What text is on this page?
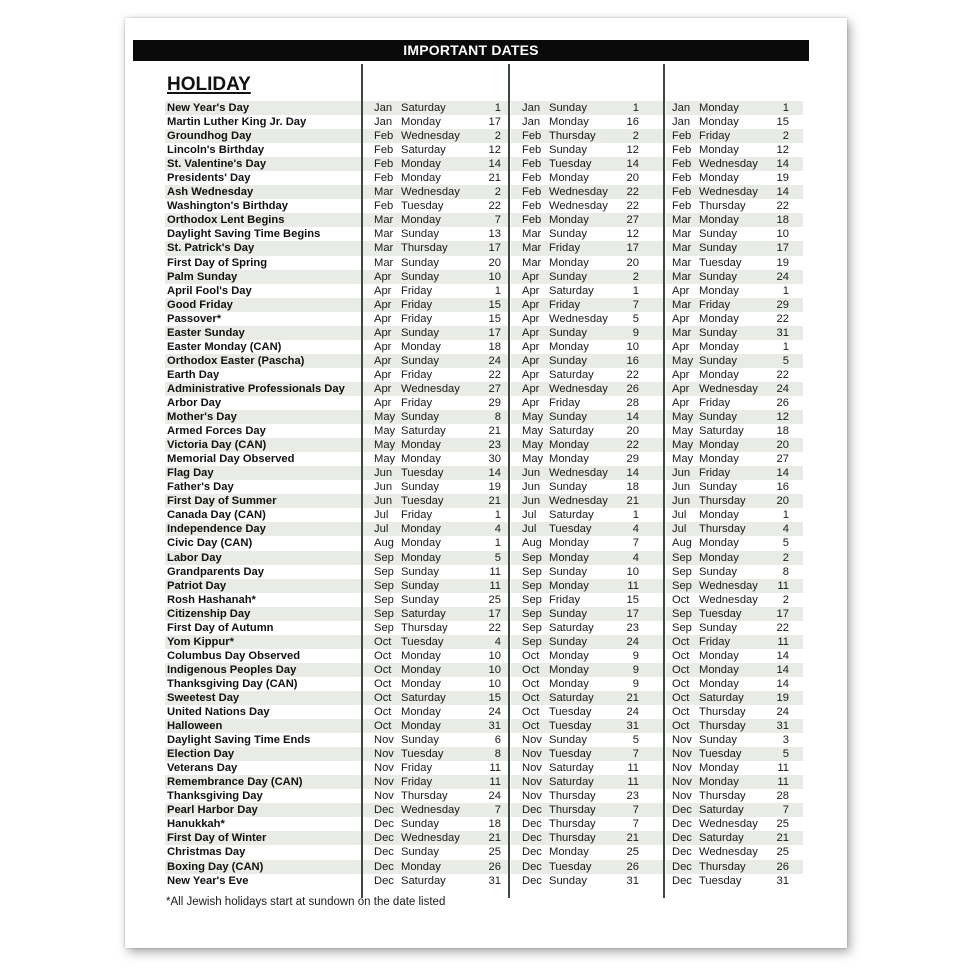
IMPORTANT DATES
HOLIDAY
New Year's Day	Jan Saturday	1 Jan Sunday	1	Jan Monday	1
Martin Luther King Jr. Day	Jan Monday	17 Jan Monday	16	Jan Monday	15
Groundhog Day	Feb Wednesday	2 Feb Thursday	2	Feb Friday	2
Lincoln's Birthday	Feb Saturday	12 Feb Sunday	12	Feb Monday	12
St. Valentine's Day	Feb Monday	14 Feb Tuesday	14	Feb Wednesday	14
Presidents' Day	Feb Monday	21 Feb Monday	20	Feb Monday	19
Ash Wednesday	Mar Wednesday	2 Feb Wednesday	22	Feb Wednesday	14
Washington's Birthday	Feb Tuesday	22 Feb Wednesday	22	Feb Thursday	22
Orthodox Lent Begins	Mar Monday	7 Feb Monday	27	Mar Monday	18
Daylight Saving Time Begins	Mar Sunday	13 Mar Sunday	12	Mar Sunday	10
St. Patrick's Day	Mar Thursday	17 Mar Friday	17	Mar Sunday	17
First Day of Spring	Mar Sunday	20 Mar Monday	20	Mar Tuesday	19
Palm Sunday	Apr Sunday	10 Apr Sunday	2	Mar Sunday	24
April Fool's Day	Apr Friday	1 Apr Saturday	1	Apr Monday	1
Good Friday	Apr Friday	15 Apr Friday	7	Mar Friday	29
Passover*	Apr Friday	15 Apr Wednesday	5	Apr Monday	22
Easter Sunday	Apr Sunday	17 Apr Sunday	9	Mar Sunday	31
Easter Monday (CAN)	Apr Monday	18 Apr Monday	10	Apr Monday	1
Orthodox Easter (Pascha)	Apr Sunday	24 Apr Sunday	16	May Sunday	5
Earth Day	Apr Friday	22 Apr Saturday	22	Apr Monday	22
Administrative Professionals Day	Apr Wednesday	27 Apr Wednesday	26	Apr Wednesday	24
Arbor Day	Apr Friday	29 Apr Friday	28	Apr Friday	26
Mother's Day	May Sunday	8 May Sunday	14	May Sunday	12
Armed Forces Day	May Saturday	21 May Saturday	20	May Saturday	18
Victoria Day (CAN)	May Monday	23 May Monday	22	May Monday	20
Memorial Day Observed	May Monday	30 May Monday	29	May Monday	27
Flag Day	Jun Tuesday	14 Jun Wednesday	14	Jun Friday	14
Father's Day	Jun Sunday	19 Jun Sunday	18	Jun Sunday	16
First Day of Summer	Jun Tuesday	21 Jun Wednesday	21	Jun Thursday	20
Canada Day (CAN)	Jul Friday	1 Jul Saturday	1	Jul Monday	1
Independence Day	Jul Monday	4 Jul Tuesday	4	Jul Thursday	4
Civic Day (CAN)	Aug Monday	1 Aug Monday	7	Aug Monday	5
Labor Day	Sep Monday	5 Sep Monday	4	Sep Monday	2
Grandparents Day	Sep Sunday	11 Sep Sunday	10	Sep Sunday	8
Patriot Day	Sep Sunday	11 Sep Monday	11	Sep Wednesday	11
Rosh Hashanah*	Sep Sunday	25 Sep Friday	15	Oct Wednesday	2
Citizenship Day	Sep Saturday	17 Sep Sunday	17	Sep Tuesday	17
First Day of Autumn	Sep Thursday	22 Sep Saturday	23	Sep Sunday	22
Yom Kippur*	Oct Tuesday	4 Sep Sunday	24	Oct Friday	11
Columbus Day Observed	Oct Monday	10 Oct Monday	9	Oct Monday	14
Indigenous Peoples Day	Oct Monday	10 Oct Monday	9	Oct Monday	14
Thanksgiving Day (CAN)	Oct Monday	10 Oct Monday	9	Oct Monday	14
Sweetest Day	Oct Saturday	15 Oct Saturday	21	Oct Saturday	19
United Nations Day	Oct Monday	24 Oct Tuesday	24	Oct Thursday	24
Halloween	Oct Monday	31 Oct Tuesday	31	Oct Thursday	31
Daylight Saving Time Ends	Nov Sunday	6 Nov Sunday	5	Nov Sunday	3
Election Day	Nov Tuesday	8 Nov Tuesday	7	Nov Tuesday	5
Veterans Day	Nov Friday	11 Nov Saturday	11	Nov Monday	11
Remembrance Day (CAN)	Nov Friday	11 Nov Saturday	11	Nov Monday	11
Thanksgiving Day	Nov Thursday	24 Nov Thursday	23	Nov Thursday	28
Pearl Harbor Day	Dec Wednesday	7 Dec Thursday	7	Dec Saturday	7
Hanukkah*	Dec Sunday	18 Dec Thursday	7	Dec Wednesday	25
First Day of Winter	Dec Wednesday	21 Dec Thursday	21	Dec Saturday	21
Christmas Day	Dec Sunday	25 Dec Monday	25	Dec Wednesday	25
Boxing Day (CAN)	Dec Monday	26 Dec Tuesday	26	Dec Thursday	26
New Year's Eve	Dec Saturday	31 Dec Sunday	31	Dec Tuesday	31
*All Jewish holidays start at sundown on the date listed
